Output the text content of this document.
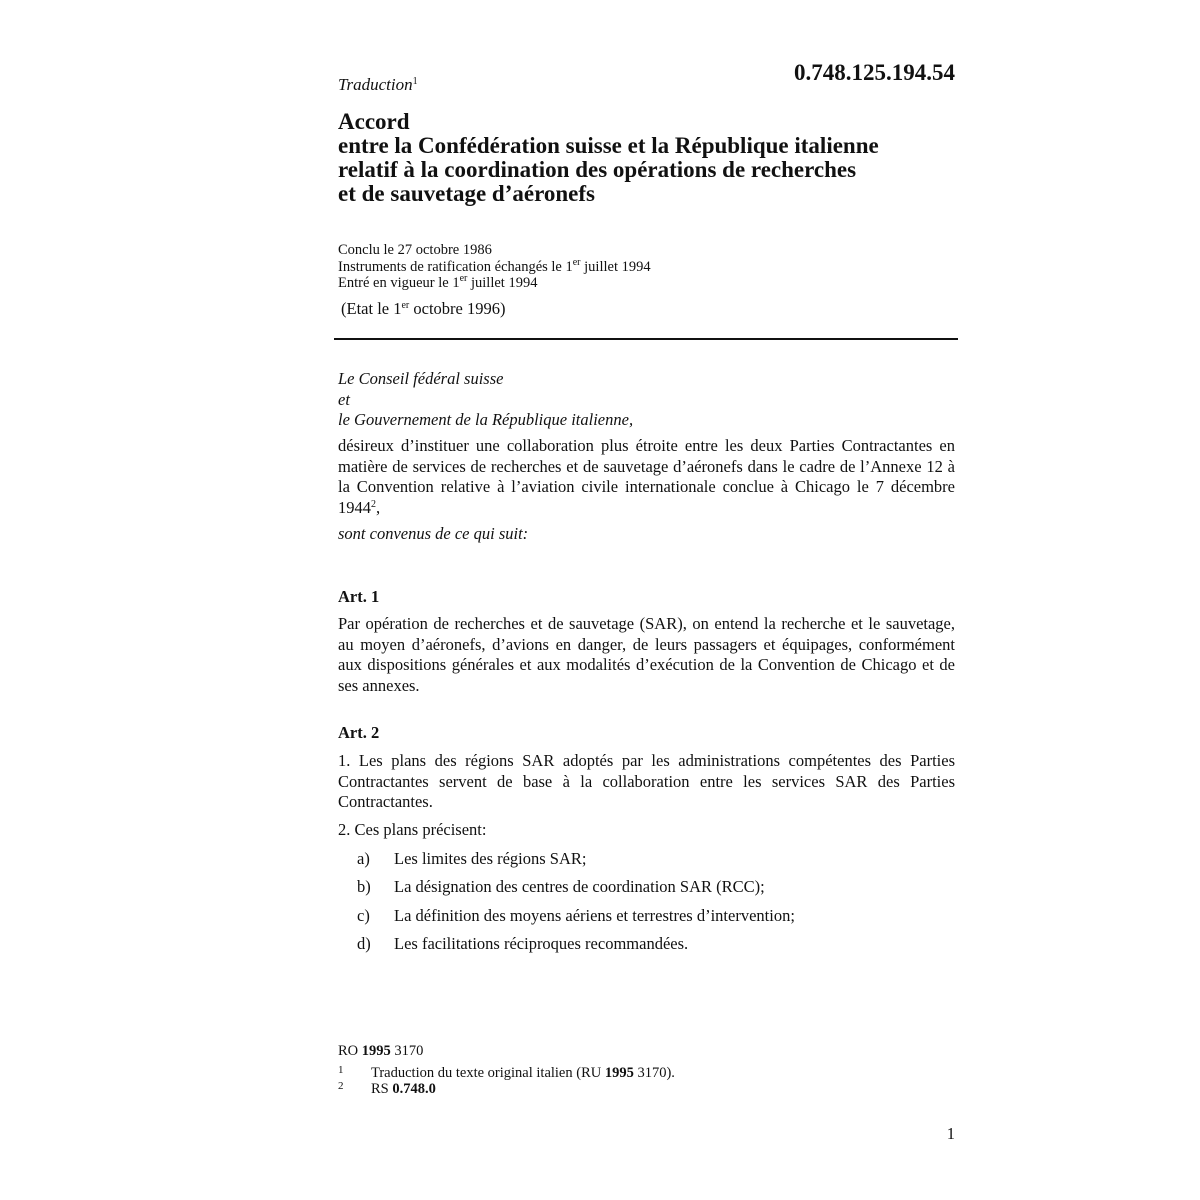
Traduction$^1$	0.748.125.194.54
Accord
entre la Confédération suisse et la République italienne
relatif à la coordination des opérations de recherches
et de sauvetage d’aéronefs
Conclu le 27 octobre 1986
Instruments de ratification échangés le 1er juillet 1994
Entré en vigueur le 1er juillet 1994
(Etat le 1er octobre 1996)
Le Conseil fédéral suisse
et
le Gouvernement de la République italienne,
désireux d’instituer une collaboration plus étroite entre les deux Parties Contractantes en matière de services de recherches et de sauvetage d’aéronefs dans le cadre de l’Annexe 12 à la Convention relative à l’aviation civile internationale conclue à Chicago le 7 décembre 1944$^2$,
sont convenus de ce qui suit:
Art. 1
Par opération de recherches et de sauvetage (SAR), on entend la recherche et le sauvetage, au moyen d’aéronefs, d’avions en danger, de leurs passagers et équipages, conformément aux dispositions générales et aux modalités d’exécution de la Convention de Chicago et de ses annexes.
Art. 2
1. Les plans des régions SAR adoptés par les administrations compétentes des Parties Contractantes servent de base à la collaboration entre les services SAR des Parties Contractantes.
2. Ces plans précisent:
a) Les limites des régions SAR;
b) La désignation des centres de coordination SAR (RCC);
c) La définition des moyens aériens et terrestres d’intervention;
d) Les facilitations réciproques recommandées.
RO 1995 3170
1 Traduction du texte original italien (RU 1995 3170).
2 RS 0.748.0
1
